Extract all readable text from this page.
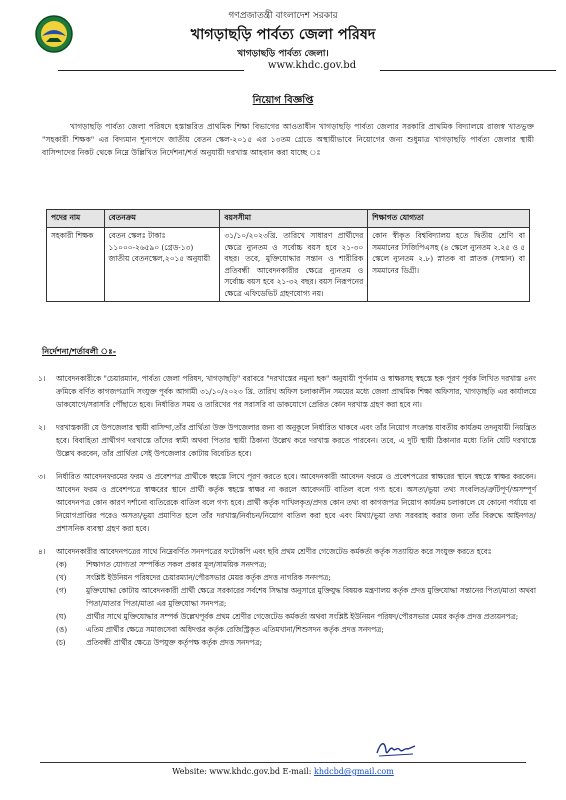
গণপ্রজাতন্ত্রী বাংলাদেশ সরকার
খাগড়াছড়ি পার্বত্য জেলা পরিষদ
খাগড়াছড়ি পার্বত্য জেলা।
www.khdc.gov.bd
নিয়োগ বিজ্ঞপ্তি
খাগড়াছড়ি পার্বত্য জেলা পরিষদে হস্তান্তরিত প্রাথমিক শিক্ষা বিভাগের আওতাধীন খাগড়াছড়ি পার্বত্য জেলার সরকারি প্রাথমিক বিদ্যালয়ে রাজস্ব খাতভুক্ত "সহকারী শিক্ষক" এর বিদ্যমান শূন্যপদে জাতীয় বেতন স্কেল-২০১৫ এর ১৩তম গ্রেডে অস্থায়ীভাবে নিয়োগের জন্য শুধুমাত্র খাগড়াছড়ি পার্বত্য জেলার স্থায়ী বাসিন্দাদের নিকট থেকে নিম্নে উল্লিখিত নির্দেশনা/শর্ত অনুযায়ী দরখাস্ত আহবান করা যাচ্ছে ঃ
পদের নাম	বেতনক্রম	বয়সসীমা	শিক্ষাগত যোগ্যতা
সহকারী শিক্ষক	বেতন স্কেলঃ টাকাঃ ১১০০০-২৬৫৯০ (গ্রেড-১৩) জাতীয় বেতনস্কেল,২০১৫ অনুযায়ী	৩১/১০/২০২৩খ্রি. তারিখে সাধারণ প্রার্থীদের ক্ষেত্রে ন্যুনতম ও সর্বোচ্চ বয়স হবে ২১-৩০ বছর। তবে, মুক্তিযোদ্ধার সন্তান ও শারীরিক প্রতিবন্ধী আবেদনকারীর ক্ষেত্রে ন্যুনতম ও সর্বোচ্চ বয়স হবে ২১-৩২ বছর। বয়স নিরূপনের ক্ষেত্রে এফিডেভিট গ্রহণযোগ্য নয়।	কোন স্বীকৃত বিশ্ববিদ্যালয় হতে দ্বিতীয় শ্রেণি বা সমমানের সিজিপিএসহ (৪ স্কেলে ন্যুনতম ২.২৫ ও ৫ স্কেলে ন্যুনতম ২.৮) স্নাতক বা স্নাতক (সম্মান) বা সমমানের ডিগ্রী।
নির্দেশনা/শর্তাবলী ঃ-
১। আবেদনকারীকে "চেয়ারম্যান, পার্বত্য জেলা পরিষদ, খাগড়াছড়ি" বরাবরে "দরখাস্তের নমুনা ছক" অনুযায়ী পূর্ণনাম ও স্বাক্ষরসহ স্বহস্তে ছক পূরণ পূর্বক লিখিত দরখাস্ত ৪নং ক্রমিকে বর্ণিত কাগজপত্রাদি সংযুক্ত পূর্বক আগামী ৩১/১০/২০২৩ খ্রি. তারিখ অফিস চলাকালীন সময়ের মধ্যে জেলা প্রাথমিক শিক্ষা অফিসার, খাগড়াছড়ি এর কার্যালয়ে ডাকযোগে/সরাসরি পৌঁছাতে হবে। নির্ধারিত সময় ও তারিখের পর সরাসরি বা ডাকযোগে প্রেরিত কোন দরখাস্ত গ্রহণ করা হবে না।
২। দরখাস্তকারী যে উপজেলার স্থায়ী বাসিন্দা,তাঁর প্রার্থিতা উক্ত উপজেলার জন্য বা অনুকূলে নির্ধারিত থাকবে এবং তাঁর নিয়োগ সংক্রান্ত যাবতীয় কার্যক্রম তদনুযায়ী নিয়ন্ত্রিত হবে। বিবাহিতা প্রার্থীগণ দরখাস্তে তাঁদের স্বামী অথবা পিতার স্থায়ী ঠিকানা উল্লেখ করে দরখাস্ত করতে পারবেন। তবে, এ দুটি স্থায়ী ঠিকানার মধ্যে তিনি যেটি দরখাস্তে উল্লেখ করবেন, তাঁর প্রার্থিতা সেই উপজেলার কোটায় বিবেচিত হবে।
৩। নির্ধারিত আবেদনফরমের ফরম ও প্রবেশপত্র প্রার্থীকে স্বহস্তে লিখে পূরণ করতে হবে। আবেদনকারী আবেদন ফরমে ও প্রবেশপত্রের স্বাক্ষরের স্থানে স্বহস্তে স্বাক্ষর করবেন। আবেদন ফরম ও প্রবেশপত্রে স্বাক্ষরের স্থানে প্রার্থী কর্তৃক স্বহস্তে স্বাক্ষর না করলে আবেদনটি বাতিল বলে গণ্য হবে। অসত্য/ভুয়া তথ্য সংবলিত/ত্রুটিপূর্ণ/অসম্পূর্ণ আবেদনপত্র কোন কারণ দর্শানো ব্যতিরেকে বাতিল বলে গণ্য হবে। প্রার্থী কর্তৃক দাখিলকৃত/প্রদত্ত কোন তথ্য বা কাগজপত্র নিয়োগ কার্যক্রম চলাকালে যে কোনো পর্যায়ে বা নিয়োগপ্রাপ্তির পরেও অসত্য/ভুয়া প্রমাণিত হলে তাঁর দরখাস্ত/নির্বাচন/নিয়োগ বাতিল করা হবে এবং মিথ্যা/ভুয়া তথ্য সরবরাহ করার জন্য তাঁর বিরুদ্ধে আইনগত/প্রশাসনিক ব্যবস্থা গ্রহণ করা হবে।
৪। আবেদনকারীর আবেদনপত্রের সাথে নিম্নেবর্ণিত সনদপত্রের ফটোকপি এবং ছবি প্রথম শ্রেণীর গেজেটেড কর্মকর্তা কর্তৃক সত্যায়িত করে সংযুক্ত করতে হবেঃ
(ক)	শিক্ষাগত যোগ্যতা সম্পর্কিত সকল প্রকার মূল/সাময়িক সনদপত্র;
(খ)	সংশ্লিষ্ট ইউনিয়ন পরিষদের চেয়ারম্যান/পৌরসভার মেয়র কর্তৃক প্রদত্ত নাগরিক সনদপত্র;
(গ)	মুক্তিযোদ্ধা কোটায় আবেদনকারী প্রার্থী ক্ষেত্রে সরকারের সর্বশেষ সিদ্ধান্ত অনুসারে মুক্তিযুদ্ধ বিষয়ক মন্ত্রণালয় কর্তৃক প্রদত্ত মুক্তিযোদ্ধা সন্তানের পিতা/মাতা অথবা পিতা/মাতার পিতা/মাতা এর মুক্তিযোদ্ধা সনদপত্র;
(ঘ)	প্রার্থীর সাথে মুক্তিযোদ্ধার সম্পর্ক উল্লেখপূর্বক প্রথম শ্রেণীর গেজেটেড কর্মকর্তা অথবা সংশ্লিষ্ট ইউনিয়ন পরিষদ/পৌরসভার মেয়র কর্তৃক প্রদত্ত প্রত্যয়নপত্র;
(ঙ)	এতিম প্রার্থীর ক্ষেত্রে সমাজসেবা অধিদপ্তর কর্তৃক রেজিস্ট্রিকৃত এতিমখানা/শিশুসদন কর্তৃক প্রদত্ত সনদপত্র;
(চ)	প্রতিবন্ধী প্রার্থীর ক্ষেত্রে উপযুক্ত কর্তৃপক্ষ কর্তৃক প্রদত্ত সনদপত্র;
Website: www.khdc.gov.bd E-mail: khdcbd@gmail.com
